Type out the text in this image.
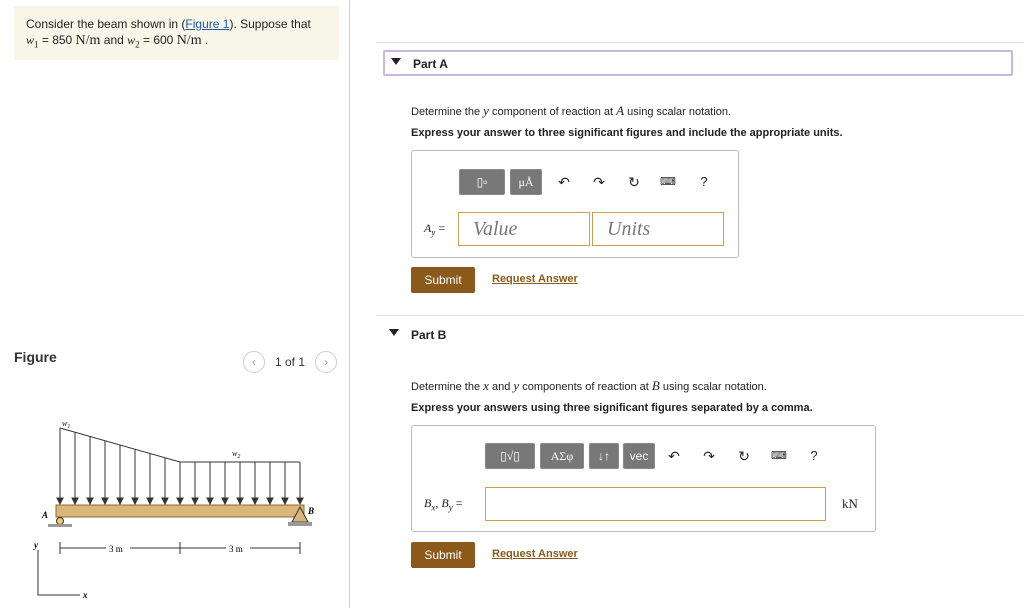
Consider the beam shown in (Figure 1). Suppose that
$w_1 = 850$ N/m and $w_2 = 600$ N/m .
Figure	‹	1 of 1	›
$w_1$
$w_2$
A	B
y
x
3 m	3 m
Part A
Determine the y component of reaction at A using scalar notation.
Express your answer to three significant figures and include the appropriate units.
▯▫	μÅ	↶ ↷ ↻	⌨	?
$A_y$ =	Value	Units
Submit	Request Answer
Part B
Determine the x and y components of reaction at B using scalar notation.
Express your answers using three significant figures separated by a comma.
▯√▯	ΑΣφ	↓↑	vec	↶ ↷ ↻	⌨	?
$B_x$, $B_y$ =	kN
Submit	Request Answer
